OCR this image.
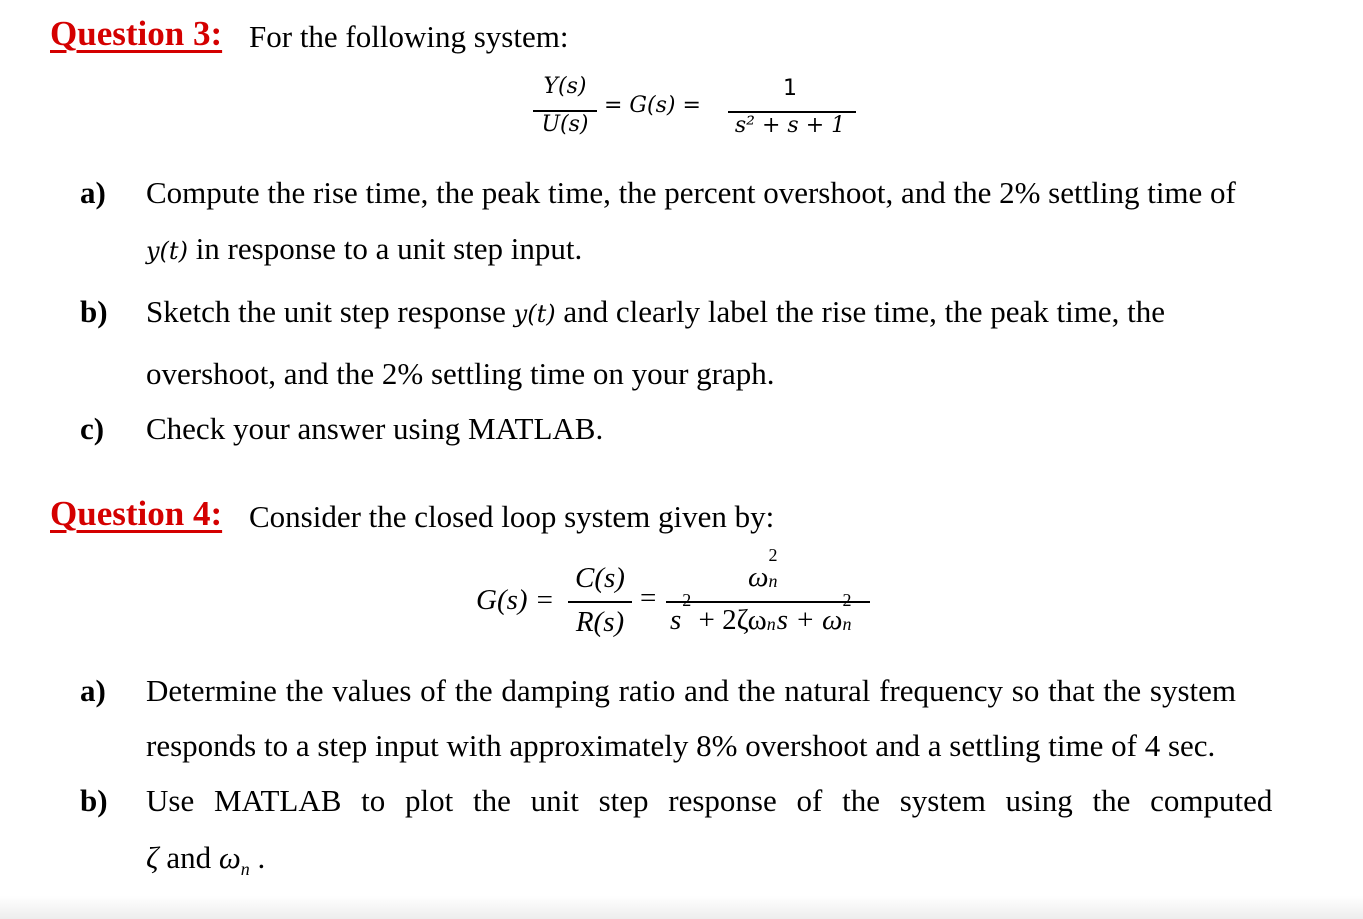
Question 3: For the following system:
Y(s)
U(s)
= G(s) =
1
s² + s + 1
a) Compute the rise time, the peak time, the percent overshoot, and the 2% settling time of
y(t) in response to a unit step input.
b) Sketch the unit step response y(t) and clearly label the rise time, the peak time, the
overshoot, and the 2% settling time on your graph.
c) Check your answer using MATLAB.
Question 4: Consider the closed loop system given by:
G(s) =
C(s)
R(s)
=
ω
2
n
s
2
+ 2ζω n s + ω
2
n
a) Determine the values of the damping ratio and the natural frequency so that the system
responds to a step input with approximately 8% overshoot and a settling time of 4 sec.
b) Use MATLAB to plot the unit step response of the system using the computed
ζ and $\omega_n$ .
